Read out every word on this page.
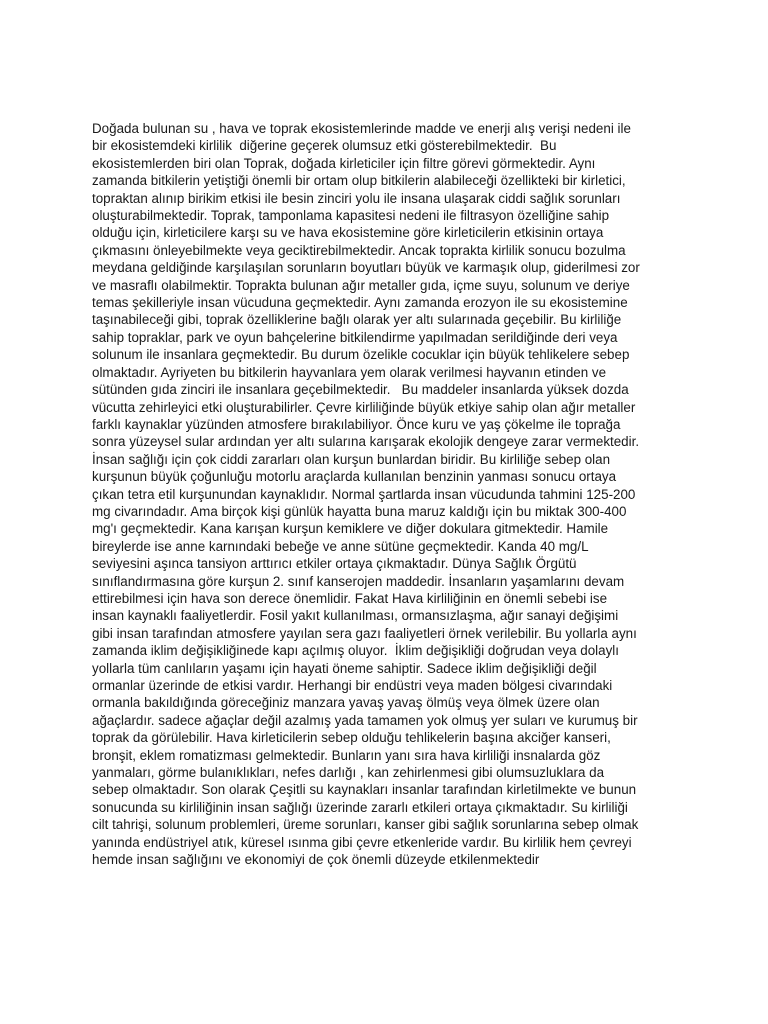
Doğada bulunan su , hava ve toprak ekosistemlerinde madde ve enerji alış verişi nedeni ile
bir ekosistemdeki kirlilik  diğerine geçerek olumsuz etki gösterebilmektedir.  Bu
ekosistemlerden biri olan Toprak, doğada kirleticiler için filtre görevi görmektedir. Aynı
zamanda bitkilerin yetiştiği önemli bir ortam olup bitkilerin alabileceği özellikteki bir kirletici,
topraktan alınıp birikim etkisi ile besin zinciri yolu ile insana ulaşarak ciddi sağlık sorunları
oluşturabilmektedir. Toprak, tamponlama kapasitesi nedeni ile filtrasyon özelliğine sahip
olduğu için, kirleticilere karşı su ve hava ekosistemine göre kirleticilerin etkisinin ortaya
çıkmasını önleyebilmekte veya geciktirebilmektedir. Ancak toprakta kirlilik sonucu bozulma
meydana geldiğinde karşılaşılan sorunların boyutları büyük ve karmaşık olup, giderilmesi zor
ve masraflı olabilmektir. Toprakta bulunan ağır metaller gıda, içme suyu, solunum ve deriye
temas şekilleriyle insan vücuduna geçmektedir. Aynı zamanda erozyon ile su ekosistemine
taşınabileceği gibi, toprak özelliklerine bağlı olarak yer altı sularınada geçebilir. Bu kirliliğe
sahip topraklar, park ve oyun bahçelerine bitkilendirme yapılmadan serildiğinde deri veya
solunum ile insanlara geçmektedir. Bu durum özelikle cocuklar için büyük tehlikelere sebep
olmaktadır. Ayriyeten bu bitkilerin hayvanlara yem olarak verilmesi hayvanın etinden ve
sütünden gıda zinciri ile insanlara geçebilmektedir.   Bu maddeler insanlarda yüksek dozda
vücutta zehirleyici etki oluşturabilirler. Çevre kirliliğinde büyük etkiye sahip olan ağır metaller
farklı kaynaklar yüzünden atmosfere bırakılabiliyor. Önce kuru ve yaş çökelme ile toprağa
sonra yüzeysel sular ardından yer altı sularına karışarak ekolojik dengeye zarar vermektedir.
İnsan sağlığı için çok ciddi zararları olan kurşun bunlardan biridir. Bu kirliliğe sebep olan
kurşunun büyük çoğunluğu motorlu araçlarda kullanılan benzinin yanması sonucu ortaya
çıkan tetra etil kurşunundan kaynaklıdır. Normal şartlarda insan vücudunda tahmini 125-200
mg civarındadır. Ama birçok kişi günlük hayatta buna maruz kaldığı için bu miktak 300-400
mg'ı geçmektedir. Kana karışan kurşun kemiklere ve diğer dokulara gitmektedir. Hamile
bireylerde ise anne karnındaki bebeğe ve anne sütüne geçmektedir. Kanda 40 mg/L
seviyesini aşınca tansiyon arttırıcı etkiler ortaya çıkmaktadır. Dünya Sağlık Örgütü
sınıflandırmasına göre kurşun 2. sınıf kanserojen maddedir. İnsanların yaşamlarını devam
ettirebilmesi için hava son derece önemlidir. Fakat Hava kirliliğinin en önemli sebebi ise
insan kaynaklı faaliyetlerdir. Fosil yakıt kullanılması, ormansızlaşma, ağır sanayi değişimi
gibi insan tarafından atmosfere yayılan sera gazı faaliyetleri örnek verilebilir. Bu yollarla aynı
zamanda iklim değişikliğinede kapı açılmış oluyor.  İklim değişikliği doğrudan veya dolaylı
yollarla tüm canlıların yaşamı için hayati öneme sahiptir. Sadece iklim değişikliği değil
ormanlar üzerinde de etkisi vardır. Herhangi bir endüstri veya maden bölgesi civarındaki
ormanla bakıldığında göreceğiniz manzara yavaş yavaş ölmüş veya ölmek üzere olan
ağaçlardır. sadece ağaçlar değil azalmış yada tamamen yok olmuş yer suları ve kurumuş bir
toprak da görülebilir. Hava kirleticilerin sebep olduğu tehlikelerin başına akciğer kanseri,
bronşit, eklem romatizması gelmektedir. Bunların yanı sıra hava kirliliği insnalarda göz
yanmaları, görme bulanıklıkları, nefes darlığı , kan zehirlenmesi gibi olumsuzluklara da
sebep olmaktadır. Son olarak Çeşitli su kaynakları insanlar tarafından kirletilmekte ve bunun
sonucunda su kirliliğinin insan sağlığı üzerinde zararlı etkileri ortaya çıkmaktadır. Su kirliliği
cilt tahrişi, solunum problemleri, üreme sorunları, kanser gibi sağlık sorunlarına sebep olmak
yanında endüstriyel atık, küresel ısınma gibi çevre etkenleride vardır. Bu kirlilik hem çevreyi
hemde insan sağlığını ve ekonomiyi de çok önemli düzeyde etkilenmektedir
